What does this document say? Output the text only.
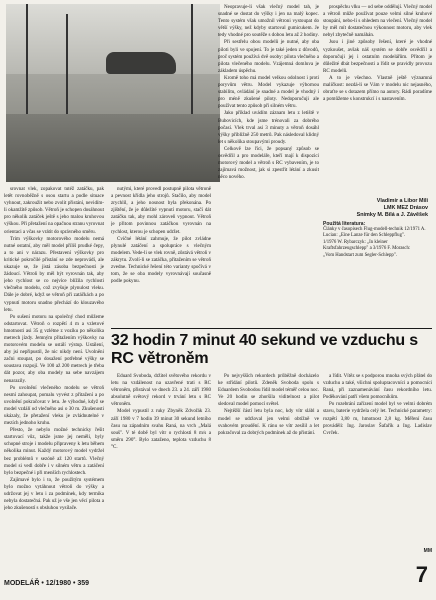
srovnat vlek, zopakovat tutéž zatáčku, pak letět rovnoběžně s osou startu a podle situace vyhnout, zakroužit nebo zvolit přistání, nevidím-li okamžitě způsob. Větroň je schopen dosáhnout pro několik zatáček ještě s jeho malou kruhovou výškou. Při přetažení na opačnou stranu vyrovnat orientaci a včas se vrátit do správného směru.

Trim výškovky motorového modelu nemá nutné ostatní, aby měl model příliš prudké čepy, a to ani v nárazu. Přestavení výškovky pro kritické pokročilé přistání se zde neprovádí, ale ukazuje se, že jistá zásoba bezpečnosti je žádoucí. Větroň by měl být vyrovnán tak, aby jeho rychlost se co nejvíce blížila rychlosti vlečného modelu, což zvyšuje plynulost vleku. Dále je dobré, když se větroň při zatáčkách a po vypnutí motoru snadno přechází do klouzavého letu.

Po sušení motoru na společný chod můžeme odstartovat. Větroň o rozpětí 4 m a vzletové hmotnosti asi 35 g vzlétne z vozíku po několika metrech jízdy. Jemným přitažením výškovky na motorovém modelu se ustálí výstup. Ustálení, aby jsi nepřipustil, že nic nikdy není. Uvolněni začni stoupat, po dosažení potřebné výšky se soustava rozpojí. Ve 100 až 200 metrech je třeba dát pozor, aby oba modely na sebe navzájem nenarazily.

Po uvolnění vlečeného modelu se větroň nesmí zahoupat, pomalu vyvést z přitažení a po uvolnění pokračovat v letu. Je výhodné, když se model vzdálí od vlečného asi o 30 m. Zkušenosti ukázaly, že přetažení vleku je zvládnutelné v mezích jednoho kruhu.

Přesto, že nebylo možné technicky řešit startovací vůz, takže jsme jej neměli, byly schopné stroje i modelu připraveny k letu během několika minut. Každý motorový model vydržel bez problémů v sezóně až 120 startů. Vlečný model si vedl dobře i v silném větru a zatáčení bylo bezpečné i při menších rychlostech.

Zajímavé bylo i to, že použitým systémem bylo možno vytáhnout větroň do výšky a udržovat jej v letu i za podmínek, kdy termika nebyla dostatečná. Pak už je vše jen věcí pilota a jeho zkušeností s obsluhou vysílače.

nutými, které provedl postupně pilota větroně a pevnost křídla jeho strojů. Stačilo, aby model zrychlil, a jeho nosnost byla překonána. Po zjištění, že je důležité vypnutí motoru, stačí dát zatáčku tak, aby mohl zároveň vypnout. Větroň je přitom povinnou zatáčkou vyrovnán na rychlost, kterou je schopen udržet.

Cvičné létání zahrnuje, že pilot zvládne plynulé zatáčení a spolupráce s vlečným modelem. Vede-li se vlek rovně, zůstává větroň v zákrytu. Zvolí-li se zatáčka, přitažením se větroň zvedne. Technické řešení této varianty spočívá v tom, že se oba modely vyrovnávají současně podle pokynu.

Neopravuje-li však vlečný model tah, je snadné se dostat do výšky i jen na malý kopec. Tento systém však umožnil větroni vystoupat do větší výšky, než kdyby startoval gumicukem. Je tedy vhodné pro soutěže s dobou letu až 2 hodiny.

Při sestřelu obou modelů je nutné, aby oba piloti byli ve spojení. To je také jeden z důvodů, proč systém používá dvě osoby: pilota vlečného a pilota vlečeného modelu. Vzájemná domluva je základem úspěchu.

Kromě toho má model velkou odolnost i proti poryvům větru. Model vykazuje výbornou stabilitu, ovládání je snadné a model je vhodný i pro méně zkušené piloty. Nedoporučuji ale používat tento způsob při silném větru.

Jako příklad uvádím záznam letu z letiště v Bubovicích, kde jsme trénovali za dobrého počasí. Vlek trval asi 3 minuty a větroň dosáhl výšky přibližně 250 metrů. Pak následoval klidný let s několika stoupavými proudy.

Celkově lze říci, že popsaný způsob se osvědčil a pro modeláře, kteří mají k dispozici motorový model a větroň s RC vybavením, je to zajímavá možnost, jak si zpestřit létání a zkusit něco nového.

prospěchu vlku — od sebe oddělují. Vlečný model a větroň může používat pouze velmi silné kruhové stoupání, nebo-li s ohledem na vlečení. Vlečný model by měl mít dostatečnou výkonnost motoru, aby vlek nebyl zbytečně namáhán.

Jsou i jiné způsoby řešení, které je vhodné vyzkoušet, avšak náš systém se dobře osvědčil a doporučuji jej i ostatním modelářům. Přitom je důležité dbát bezpečnosti a řídit se pravidly provozu RC modelů.

A to je všechno. Vlastně ještě významná maličkost: nezdá-li se Vám v modelu nic nejasného, obraťte se s dotazem přímo na autory. Rádi poradíme a pomůžeme s konstrukcí i s nastavením.

Vladimír a Libor Mili
LMK MEZ Drásov
Snímky M. Bílá a J. Závěšek
Použitá literatura:
Články v časopisech Flug-modell-technik 12/1971 A. Lucian: „Eine Lanze für den Schleppflug".
1/1976 W. Rybarczyk: „In kleiner Kraftsfahrzeugschlepp" a 3/1976 F. Morasch:
„Vom Handstart zum Segler-Schlepp".
32 hodin 7 minut 40 sekund ve vzduchu s RC větroněm

Eduard Svoboda, držitel světového rekordu v letu na vzdálenost na uzavřené trati s RC větroněm, přistával ve dnech 23. a 24. září 1980 absolutně světový rekord v trvání letu s RC větroněm.

Model vypustil z ruky Zbyněk Zdvořák 23. září 1980 v 7 hodin 39 minut 30 sekund letního času na západním svahu Raná, na vrch „Malá souš". V té době byl vítr o rychlosti 8 m/s a směru 290°. Bylo zataženo, teplota vzduchu 8 °C.

Po nejvyšších rekordech průběžně docházelo ke střídání pilotů. Zdeněk Svoboda spolu s Eduardem Svobodou řídil model téměř celou noc. Ve 20 hodin se zhoršila viditelnost a pilot sledoval model pomocí světel.

Nejtěžší částí letu byla noc, kdy vítr slábl a model se udržoval jen velmi obtížně ve svahovém proudění. K ránu se vítr zesílil a let pokračoval za dobrých podmínek až do přistání.

a řídit. Vítěz se s podporou mnoha svých přátel do vzduchu a také, všichni spolupracovníci a pomocníci Raná, při zaznamenávání času rekordního letu. Poděkování patří všem pomocníkům.

Po rozebrání zařízení model byl ve velmi dobrém stavu, baterie vydržela celý let. Technické parametry: rozpětí 3,80 m, hmotnost 2,8 kg. Měření času prováděli: Ing. Jaroslav Šafařík a Ing. Ladislav Cvrček.

MM
MODELÁŘ • 12/1980 • 359	7
